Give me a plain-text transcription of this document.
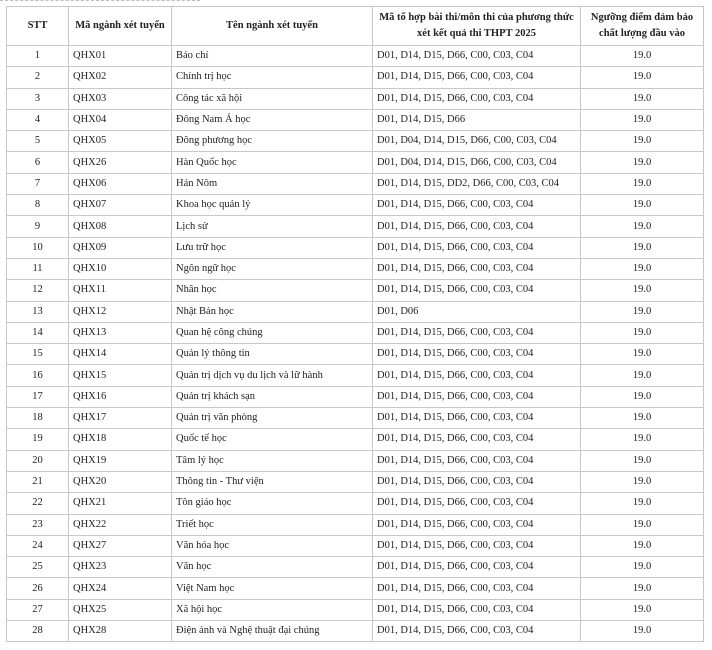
STT	Mã ngành xét tuyển	Tên ngành xét tuyển	Mã tổ hợp bài thi/môn thi của phương thức xét kết quả thi THPT 2025	Ngưỡng điểm đảm bảo chất lượng đầu vào
1	QHX01	Báo chí	D01, D14, D15, D66, C00, C03, C04	19.0
2	QHX02	Chính trị học	D01, D14, D15, D66, C00, C03, C04	19.0
3	QHX03	Công tác xã hội	D01, D14, D15, D66, C00, C03, C04	19.0
4	QHX04	Đông Nam Á học	D01, D14, D15, D66	19.0
5	QHX05	Đông phương học	D01, D04, D14, D15, D66, C00, C03, C04	19.0
6	QHX26	Hàn Quốc học	D01, D04, D14, D15, D66, C00, C03, C04	19.0
7	QHX06	Hán Nôm	D01, D14, D15, DD2, D66, C00, C03, C04	19.0
8	QHX07	Khoa học quản lý	D01, D14, D15, D66, C00, C03, C04	19.0
9	QHX08	Lịch sử	D01, D14, D15, D66, C00, C03, C04	19.0
10	QHX09	Lưu trữ học	D01, D14, D15, D66, C00, C03, C04	19.0
11	QHX10	Ngôn ngữ học	D01, D14, D15, D66, C00, C03, C04	19.0
12	QHX11	Nhân học	D01, D14, D15, D66, C00, C03, C04	19.0
13	QHX12	Nhật Bản học	D01, D06	19.0
14	QHX13	Quan hệ công chúng	D01, D14, D15, D66, C00, C03, C04	19.0
15	QHX14	Quản lý thông tin	D01, D14, D15, D66, C00, C03, C04	19.0
16	QHX15	Quản trị dịch vụ du lịch và lữ hành	D01, D14, D15, D66, C00, C03, C04	19.0
17	QHX16	Quản trị khách sạn	D01, D14, D15, D66, C00, C03, C04	19.0
18	QHX17	Quản trị văn phòng	D01, D14, D15, D66, C00, C03, C04	19.0
19	QHX18	Quốc tế học	D01, D14, D15, D66, C00, C03, C04	19.0
20	QHX19	Tâm lý học	D01, D14, D15, D66, C00, C03, C04	19.0
21	QHX20	Thông tin - Thư viện	D01, D14, D15, D66, C00, C03, C04	19.0
22	QHX21	Tôn giáo học	D01, D14, D15, D66, C00, C03, C04	19.0
23	QHX22	Triết học	D01, D14, D15, D66, C00, C03, C04	19.0
24	QHX27	Văn hóa học	D01, D14, D15, D66, C00, C03, C04	19.0
25	QHX23	Văn học	D01, D14, D15, D66, C00, C03, C04	19.0
26	QHX24	Việt Nam học	D01, D14, D15, D66, C00, C03, C04	19.0
27	QHX25	Xã hội học	D01, D14, D15, D66, C00, C03, C04	19.0
28	QHX28	Điện ảnh và Nghệ thuật đại chúng	D01, D14, D15, D66, C00, C03, C04	19.0
